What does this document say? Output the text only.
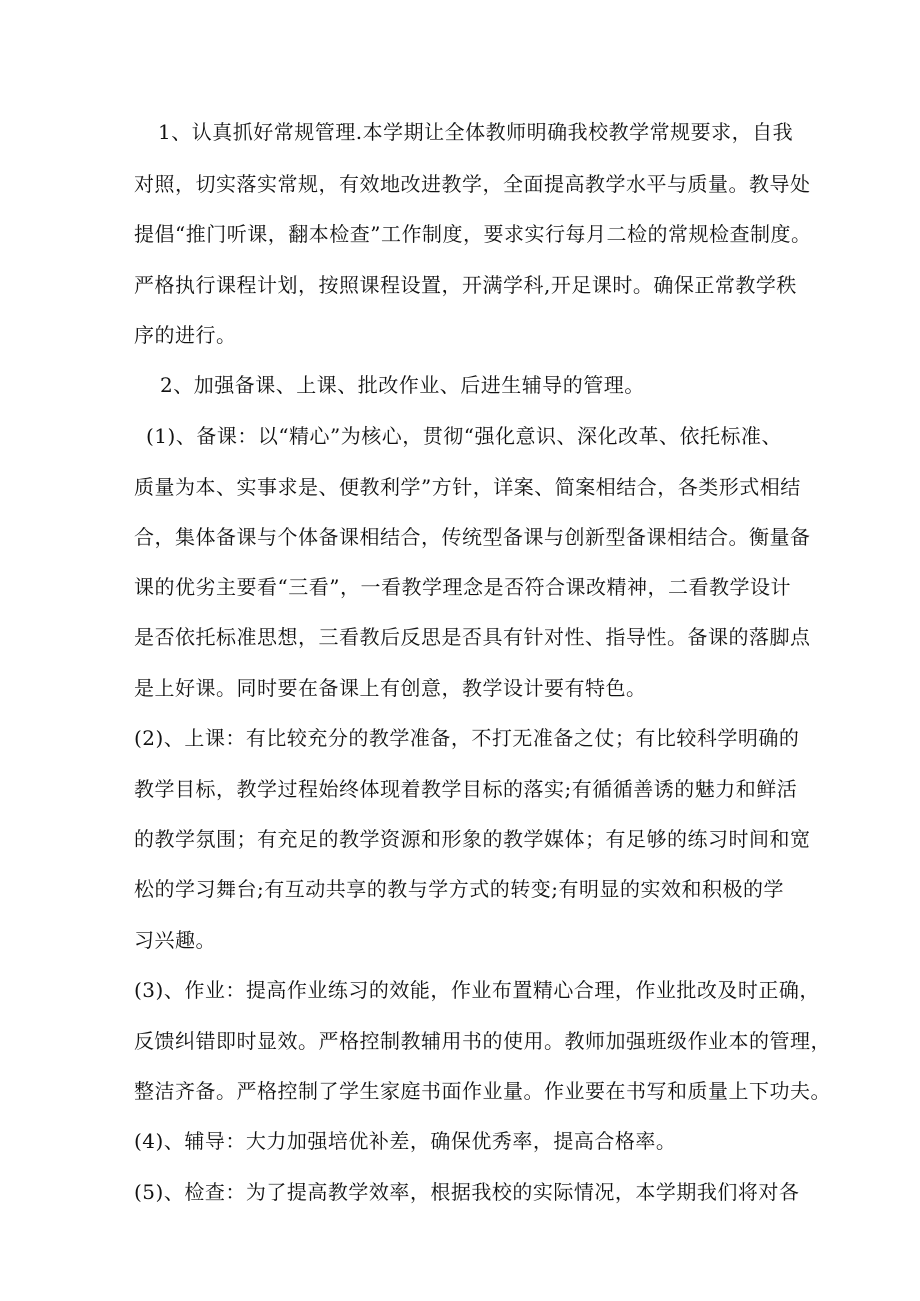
1、认真抓好常规管理.本学期让全体教师明确我校教学常规要求，自我
对照，切实落实常规，有效地改进教学，全面提高教学水平与质量。教导处
提倡“推门听课，翻本检查”工作制度，要求实行每月二检的常规检查制度。
严格执行课程计划，按照课程设置，开满学科,开足课时。确保正常教学秩
序的进行。
2、加强备课、上课、批改作业、后进生辅导的管理。
(1)、备课：以“精心”为核心，贯彻“强化意识、深化改革、依托标准、
质量为本、实事求是、便教利学”方针，详案、简案相结合，各类形式相结
合，集体备课与个体备课相结合，传统型备课与创新型备课相结合。衡量备
课的优劣主要看“三看”，一看教学理念是否符合课改精神，二看教学设计
是否依托标准思想，三看教后反思是否具有针对性、指导性。备课的落脚点
是上好课。同时要在备课上有创意，教学设计要有特色。
(2)、上课：有比较充分的教学准备，不打无准备之仗；有比较科学明确的
教学目标，教学过程始终体现着教学目标的落实;有循循善诱的魅力和鲜活
的教学氛围；有充足的教学资源和形象的教学媒体；有足够的练习时间和宽
松的学习舞台;有互动共享的教与学方式的转变;有明显的实效和积极的学
习兴趣。
(3)、作业：提高作业练习的效能，作业布置精心合理，作业批改及时正确，
反馈纠错即时显效。严格控制教辅用书的使用。教师加强班级作业本的管理，
整洁齐备。严格控制了学生家庭书面作业量。作业要在书写和质量上下功夫。
(4)、辅导：大力加强培优补差，确保优秀率，提高合格率。
(5)、检查：为了提高教学效率，根据我校的实际情况，本学期我们将对各
